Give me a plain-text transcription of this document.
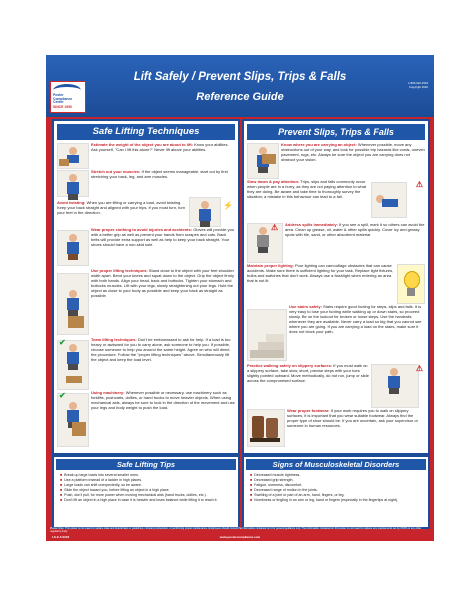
Poster
Compliance
Center
SINCE 1990
Lift Safely / Prevent Slips, Trips & Falls
Reference Guide
1-800-322-1524
Copyright 2022
Safe Lifting Techniques
Estimate the weight of the object you are about to lift: Know your abilities. Ask yourself, "Can I lift this alone?" Never lift above your abilities.
Stretch out your muscles: If the object seems manageable, start out by first stretching your back, leg, and arm muscles.
Avoid twisting: When you are lifting or carrying a load, avoid twisting. Keep your back straight and aligned with your hips, if you must turn, turn your feet in the direction.
⚡
Wear proper clothing to avoid injuries and accidents: Gloves will provide you with a better grip as well as prevent your hands from scrapes and cuts. Back belts will provide extra support as well as help to keep your back straight. Your shoes should have a non-skid sole.
Use proper lifting techniques: Stand close to the object with your feet shoulder width apart. Bend your knees and squat down to the object. Grip the object firmly with both hands. Align your head, back and buttocks. Tighten your stomach and buttocks muscles. Lift with your legs, slowly straightening out your legs. Hold the object as close to your body as possible and keep your back as straight as possible.
✔	Team lifting techniques: Don't be embarrassed to ask for help. If a load is too heavy or awkward for you to carry alone, ask someone to help you. If possible, choose someone to help you around the same height. Agree on who will direct the procedure. Follow the "proper lifting techniques" above. Simultaneously lift the object and keep the load level.
✔	Using machinery: Whenever possible or necessary, use machinery such as forklifts, pushcarts, dollies, or hand trucks to move heavier objects. When using mechanical aids, always be sure to look in the direction of the movement and use your legs and body weight to push the load.
Prevent Slips, Trips & Falls
Know where you are carrying an object: Whenever possible, move any obstructions out of your way, and look for possible trip hazards like cords, uneven pavement, rugs, etc. Always be sure the object you are carrying does not obstruct your vision.
Slow down & pay attention: Trips, slips and falls commonly occur when people are in a hurry, as they are not paying attention to what they are doing. Be aware and take time to thoroughly survey the situation; a mistake in this behaviour can lead to a fall.
⚠
⚠ Address spills immediately: If you see a spill, mark it so others can avoid the area. Clean up grease, oil, water & other spills quickly. Cover icy and greasy spots with tile, sand, or other absorbent material.
Maintain proper lighting: Poor lighting can camouflage obstacles that can cause accidents. Make sure there is sufficient lighting for your task. Replace light fixtures, bulbs and switches that don't work. Always use a flashlight when entering an area that is not lit.
Use stairs safely: Stairs require good footing for steps, slips and falls. It is very easy to lose your footing while walking up or down stairs, so proceed slowly. Be on the lookout for broken or loose steps. Use the handrails whenever they are available. Never carry a load so big that you cannot see where you are going. If you are carrying a load on the stairs, make sure it does not block your path.
Practice walking safely on slippery surfaces: If you must walk on a slippery surface, take slow, short, precise steps with your toes slightly pointed outward. Move methodically, do not run, jump or slide across the compromised surface.
⚠
Wear proper footwear: If your work requires you to walk on slippery surfaces, it is important that you wear suitable footwear. Always find the proper type of shoe should be. If you are uncertain, ask your supervisor or someone in human resources.
Safe Lifting Tips
■ Break up large loads into several smaller ones.
■ Use a platform instead of a ladder in high places.
■ Large loads can shift unexpectedly, so be aware.
■ Slide the object toward you, before lifting an object in a high place.
■ Push, don't pull, for more power when moving mechanical aids (hand trucks, dollies, etc.).
■ Don't lift an object in a high place in case it is heavier and loses balance while lifting it to reach it.
Signs of Musculoskeletal Disorders
■ Decreased muscle tightness.
■ Decreased grip strength.
■ Fatigue, soreness, discomfort.
■ Decreased range of motion in the joints.
■ Swelling of a joint or part of an arm, hand, fingers, or leg.
■ Numbness or tingling in an arm or leg, hand or fingers (especially in the fingertips at night).
Please Note: This poster is not meant to replace state and federal laws or guidelines, company procedures, or performing proper maintenance. Employees should consult the information contained on it for general guidance only. The information contained on this poster is not meant to replace any requirements set by OSHA or any other regulatory body.
LS-E-5-0223	www.postercompliance.com
